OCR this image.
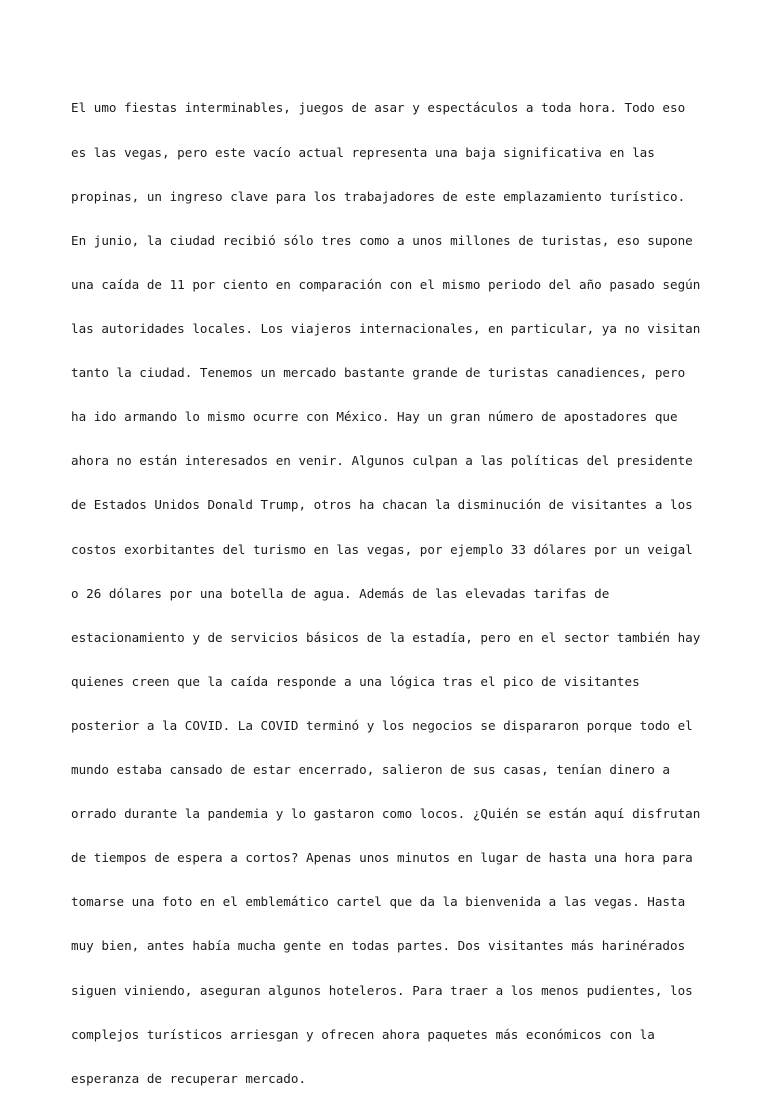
El umo fiestas interminables, juegos de asar y espectáculos a toda hora. Todo eso

es las vegas, pero este vacío actual representa una baja significativa en las

propinas, un ingreso clave para los trabajadores de este emplazamiento turístico.

En junio, la ciudad recibió sólo tres como a unos millones de turistas, eso supone

una caída de 11 por ciento en comparación con el mismo periodo del año pasado según

las autoridades locales. Los viajeros internacionales, en particular, ya no visitan

tanto la ciudad. Tenemos un mercado bastante grande de turistas canadiences, pero

ha ido armando lo mismo ocurre con México. Hay un gran número de apostadores que

ahora no están interesados en venir. Algunos culpan a las políticas del presidente

de Estados Unidos Donald Trump, otros ha chacan la disminución de visitantes a los

costos exorbitantes del turismo en las vegas, por ejemplo 33 dólares por un veigal

o 26 dólares por una botella de agua. Además de las elevadas tarifas de

estacionamiento y de servicios básicos de la estadía, pero en el sector también hay

quienes creen que la caída responde a una lógica tras el pico de visitantes

posterior a la COVID. La COVID terminó y los negocios se dispararon porque todo el

mundo estaba cansado de estar encerrado, salieron de sus casas, tenían dinero a

orrado durante la pandemia y lo gastaron como locos. ¿Quién se están aquí disfrutan

de tiempos de espera a cortos? Apenas unos minutos en lugar de hasta una hora para

tomarse una foto en el emblemático cartel que da la bienvenida a las vegas. Hasta

muy bien, antes había mucha gente en todas partes. Dos visitantes más harinérados

siguen viniendo, aseguran algunos hoteleros. Para traer a los menos pudientes, los

complejos turísticos arriesgan y ofrecen ahora paquetes más económicos con la

esperanza de recuperar mercado.
